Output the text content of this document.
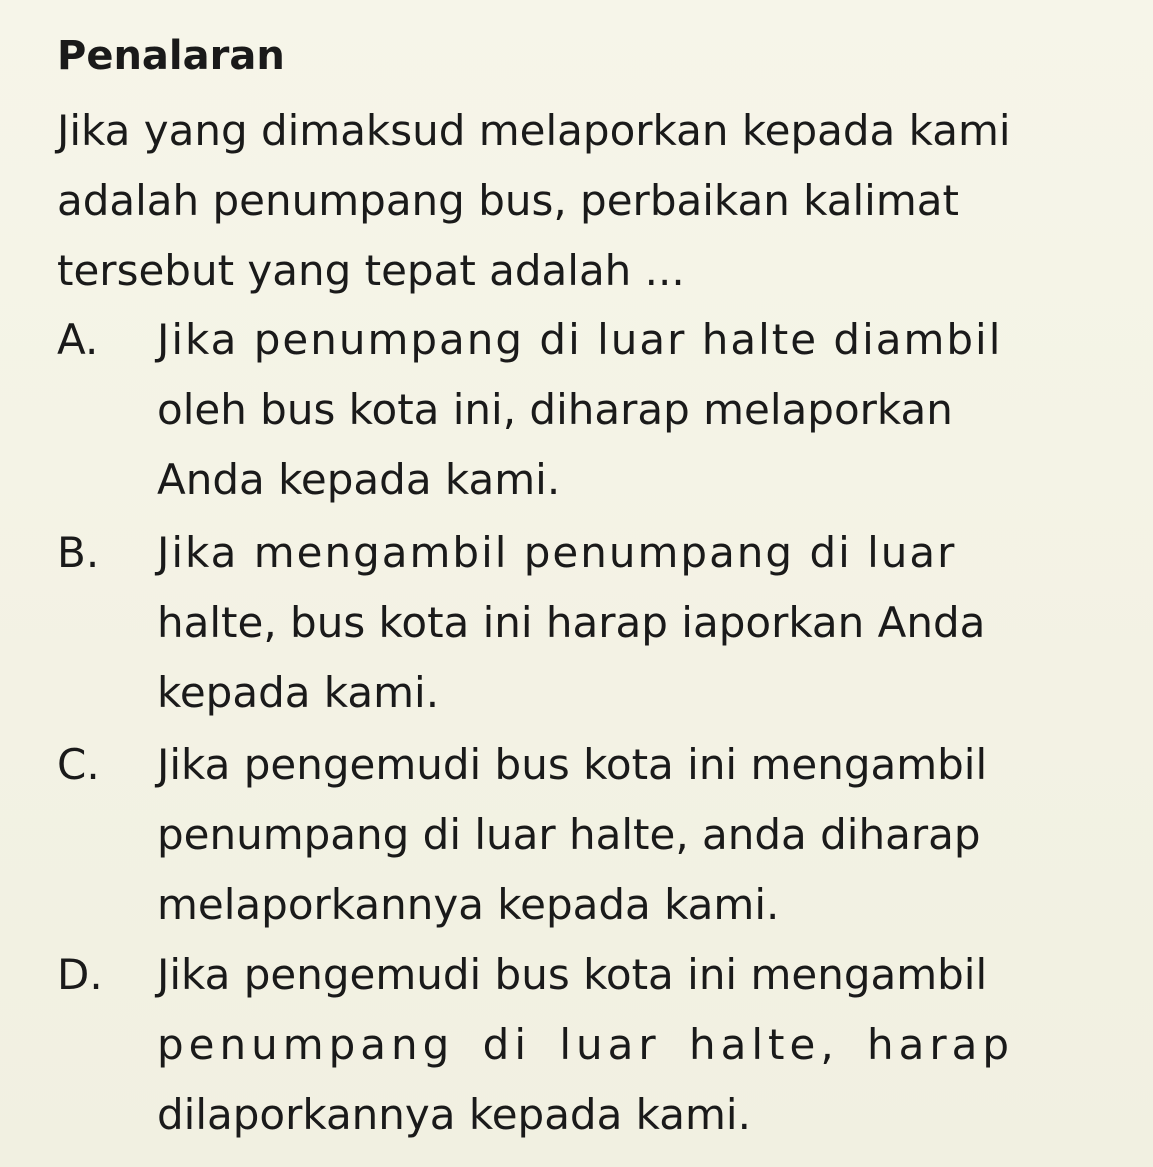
Penalaran
Jika yang dimaksud melaporkan kepada kami
adalah penumpang bus, perbaikan kalimat
tersebut yang tepat adalah ...
A. Jika penumpang di luar halte diambil
oleh bus kota ini, diharap melaporkan
Anda kepada kami.
B. Jika mengambil penumpang di luar
halte, bus kota ini harap iaporkan Anda
kepada kami.
C. Jika pengemudi bus kota ini mengambil
penumpang di luar halte, anda diharap
melaporkannya kepada kami.
D. Jika pengemudi bus kota ini mengambil
penumpang di luar halte, harap
dilaporkannya kepada kami.
